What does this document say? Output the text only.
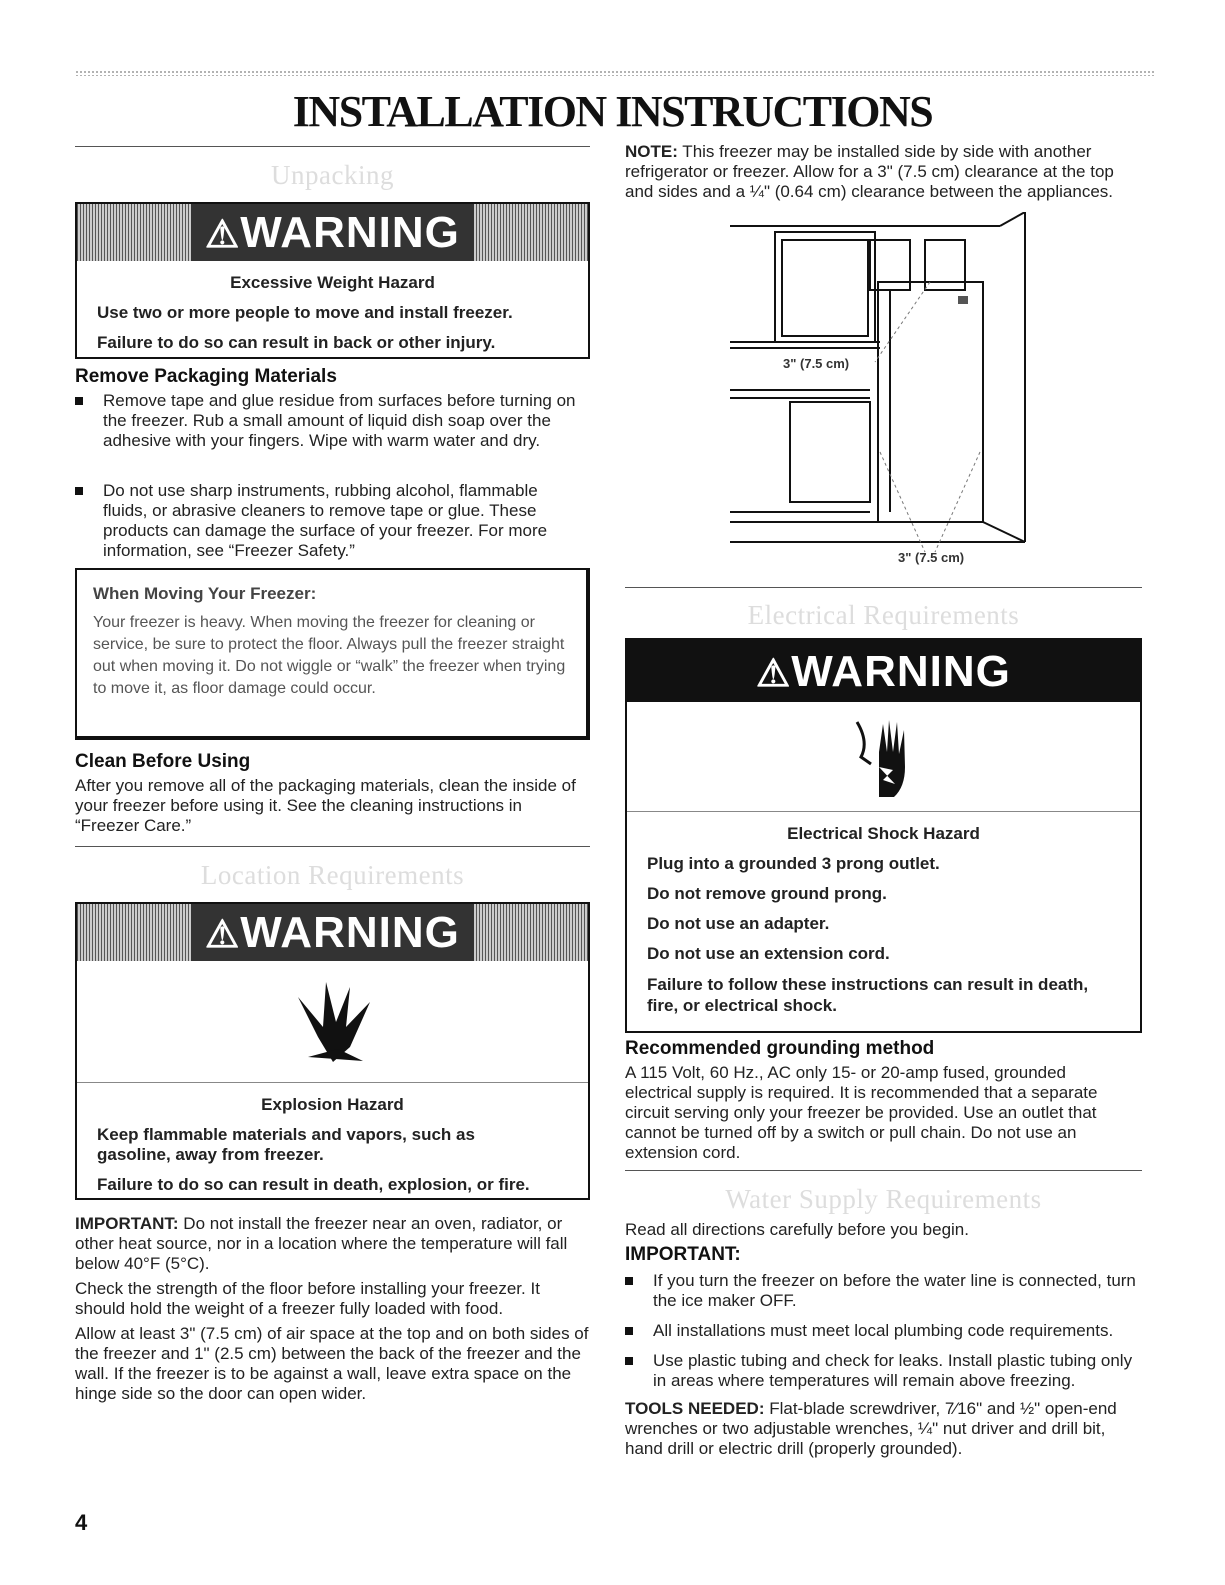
INSTALLATION INSTRUCTIONS
Unpacking
⚠WARNING
Excessive Weight Hazard
Use two or more people to move and install freezer.
Failure to do so can result in back or other injury.
Remove Packaging Materials
Remove tape and glue residue from surfaces before turning on the freezer. Rub a small amount of liquid dish soap over the adhesive with your fingers. Wipe with warm water and dry.
Do not use sharp instruments, rubbing alcohol, flammable fluids, or abrasive cleaners to remove tape or glue. These products can damage the surface of your freezer. For more information, see “Freezer Safety.”
When Moving Your Freezer:
Your freezer is heavy. When moving the freezer for cleaning or service, be sure to protect the floor. Always pull the freezer straight out when moving it. Do not wiggle or “walk” the freezer when trying to move it, as floor damage could occur.
Clean Before Using
After you remove all of the packaging materials, clean the inside of your freezer before using it. See the cleaning instructions in “Freezer Care.”
Location Requirements
⚠WARNING
Explosion Hazard
Keep flammable materials and vapors, such as gasoline, away from freezer.
Failure to do so can result in death, explosion, or fire.
IMPORTANT: Do not install the freezer near an oven, radiator, or other heat source, nor in a location where the temperature will fall below 40°F (5°C).
Check the strength of the floor before installing your freezer. It should hold the weight of a freezer fully loaded with food.
Allow at least 3" (7.5 cm) of air space at the top and on both sides of the freezer and 1" (2.5 cm) between the back of the freezer and the wall. If the freezer is to be against a wall, leave extra space on the hinge side so the door can open wider.
NOTE: This freezer may be installed side by side with another refrigerator or freezer. Allow for a 3" (7.5 cm) clearance at the top and sides and a ¼" (0.64 cm) clearance between the appliances.
3" (7.5 cm)
3" (7.5 cm)
Electrical Requirements
⚠WARNING
Electrical Shock Hazard
Plug into a grounded 3 prong outlet.
Do not remove ground prong.
Do not use an adapter.
Do not use an extension cord.
Failure to follow these instructions can result in death, fire, or electrical shock.
Recommended grounding method
A 115 Volt, 60 Hz., AC only 15- or 20-amp fused, grounded electrical supply is required. It is recommended that a separate circuit serving only your freezer be provided. Use an outlet that cannot be turned off by a switch or pull chain. Do not use an extension cord.
Water Supply Requirements
Read all directions carefully before you begin.
IMPORTANT:
If you turn the freezer on before the water line is connected, turn the ice maker OFF.
All installations must meet local plumbing code requirements.
Use plastic tubing and check for leaks. Install plastic tubing only in areas where temperatures will remain above freezing.
TOOLS NEEDED: Flat-blade screwdriver, 7⁄16" and ½" open-end wrenches or two adjustable wrenches, ¼" nut driver and drill bit, hand drill or electric drill (properly grounded).
4
